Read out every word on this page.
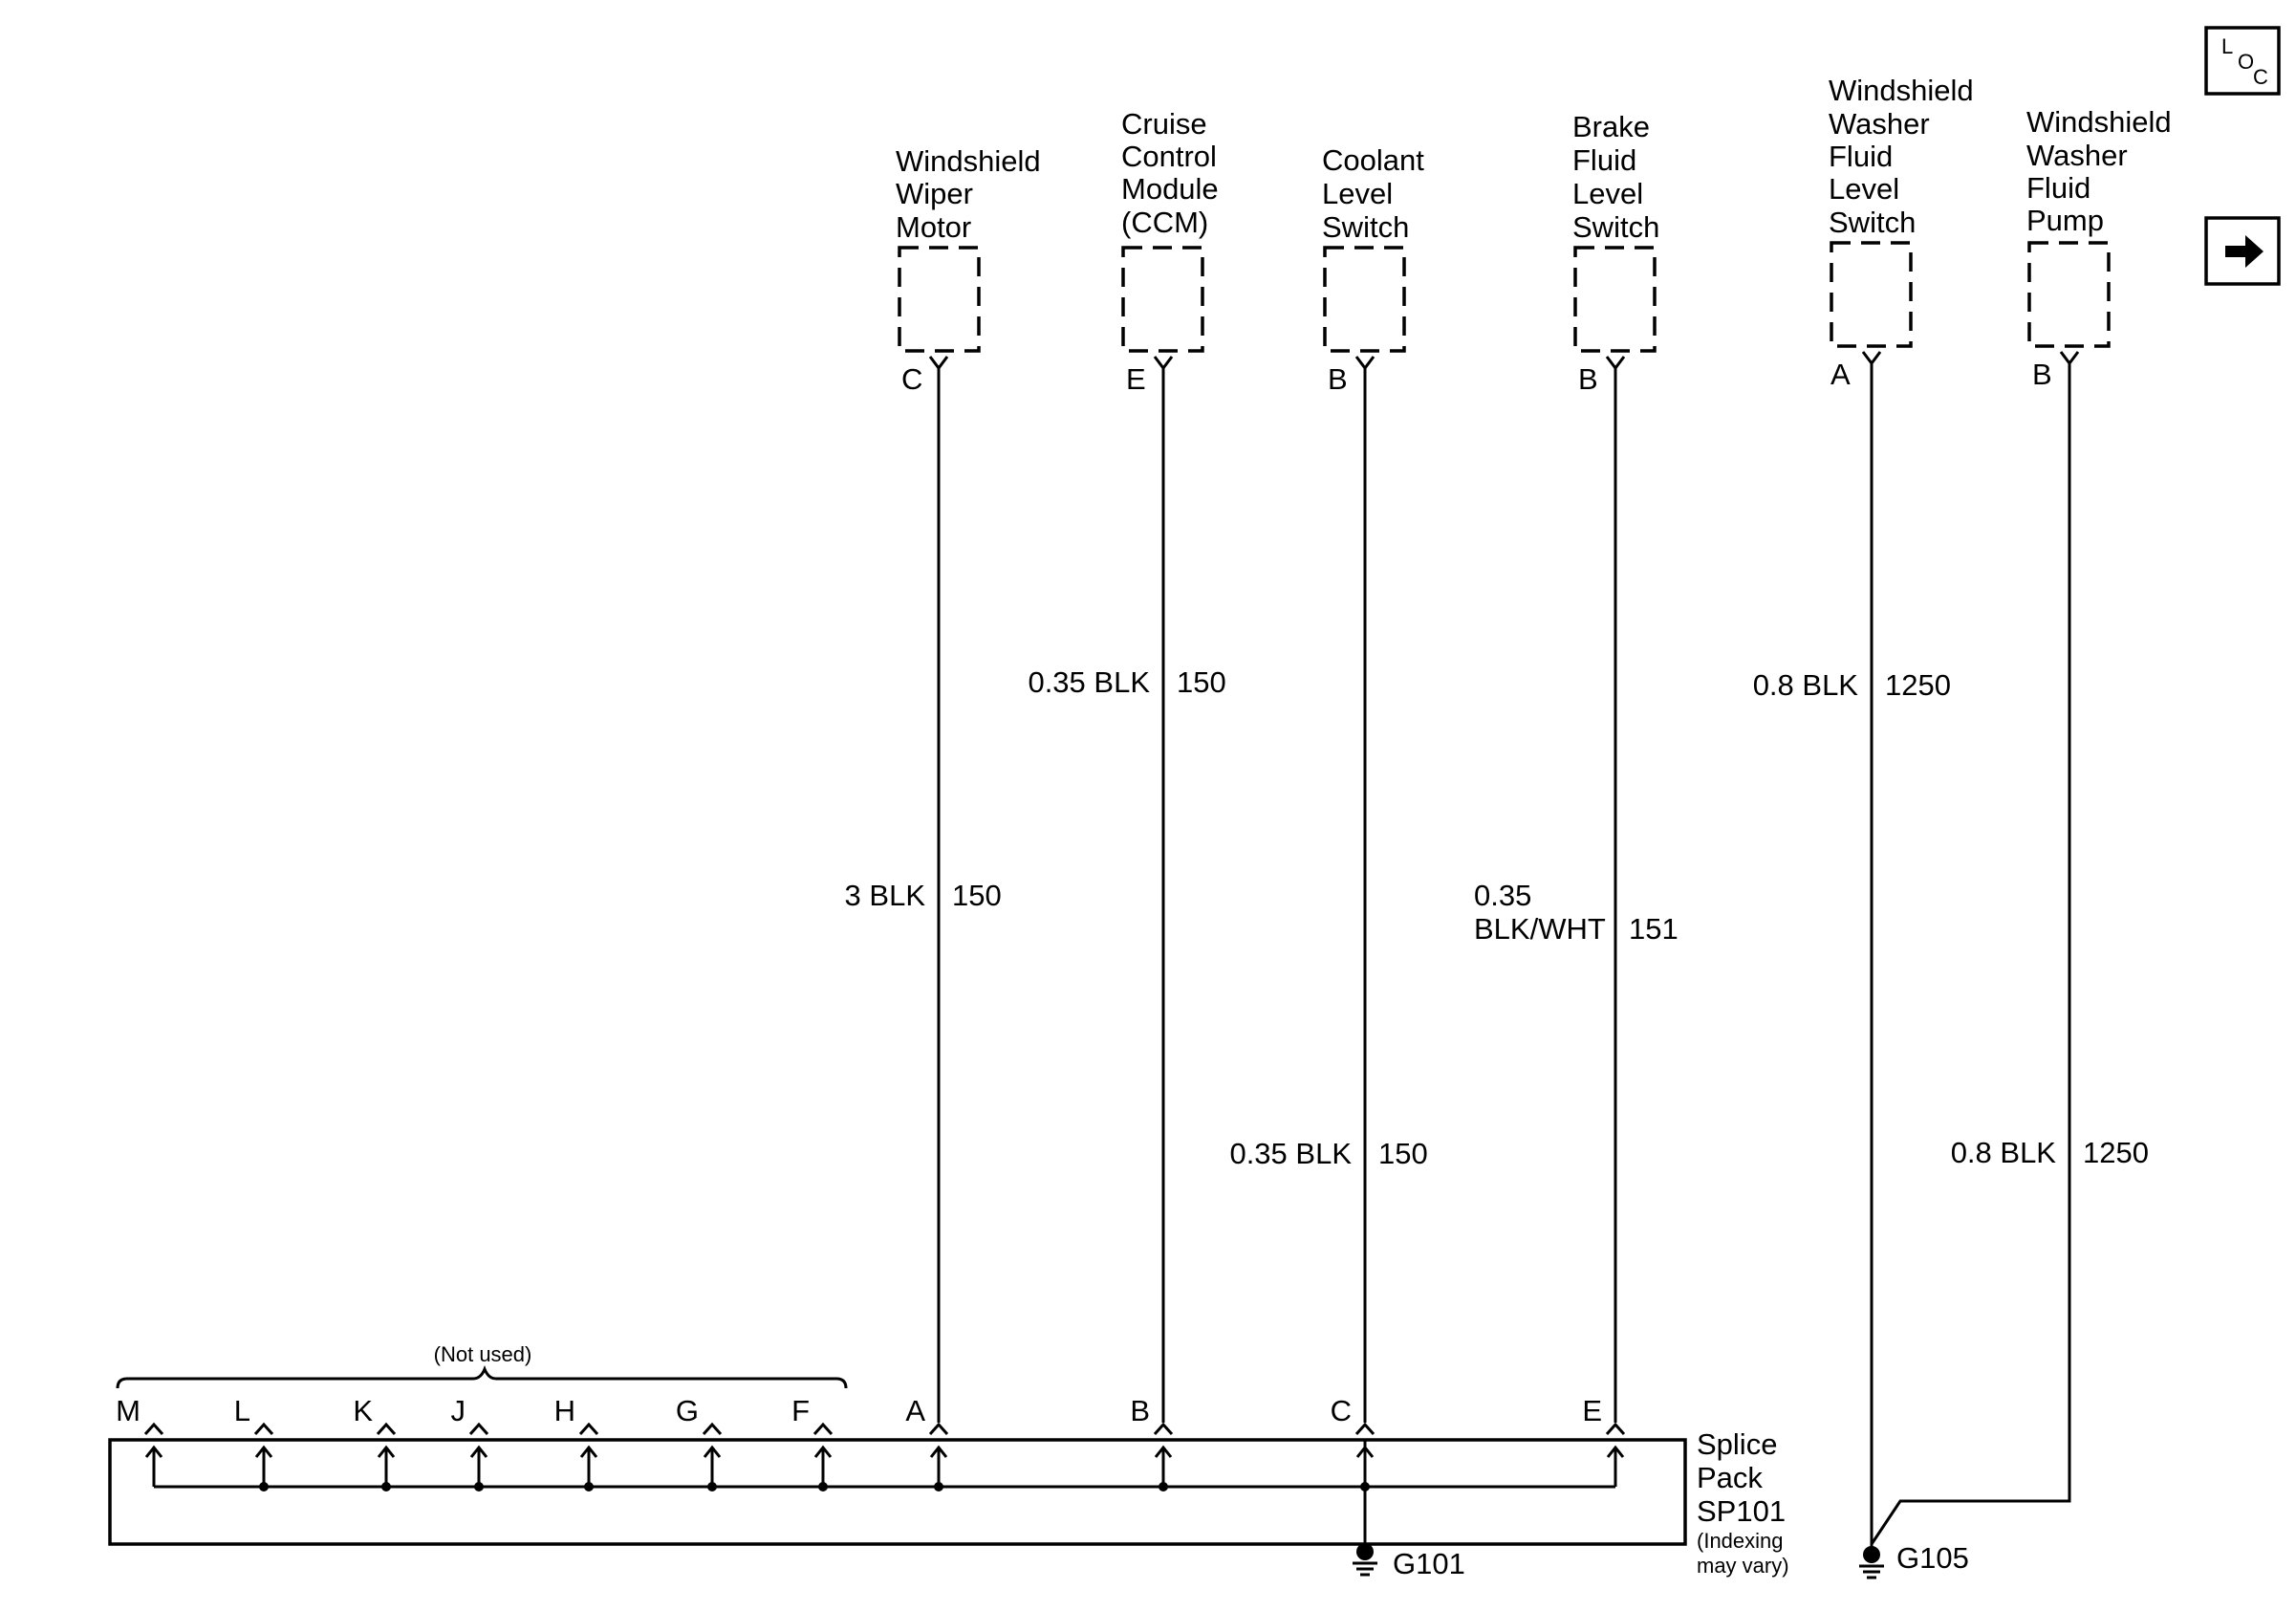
Windshield
Wiper
Motor
Cruise
Control
Module
(CCM)
Coolant
Level
Switch
Brake
Fluid
Level
Switch
Windshield
Washer
Fluid
Level
Switch
Windshield
Washer
Fluid
Pump
C	E	B	B	A	B
3 BLK 150
0.35 BLK 150
0.35 BLK 150
0.35
BLK/WHT 151
0.8 BLK 1250
0.8 BLK 1250
(Not used)
M	L	K	J	H	G	F	A	B	C	E
Splice
Pack
SP101
(Indexing
may vary)
G101	G105
L
O
C
